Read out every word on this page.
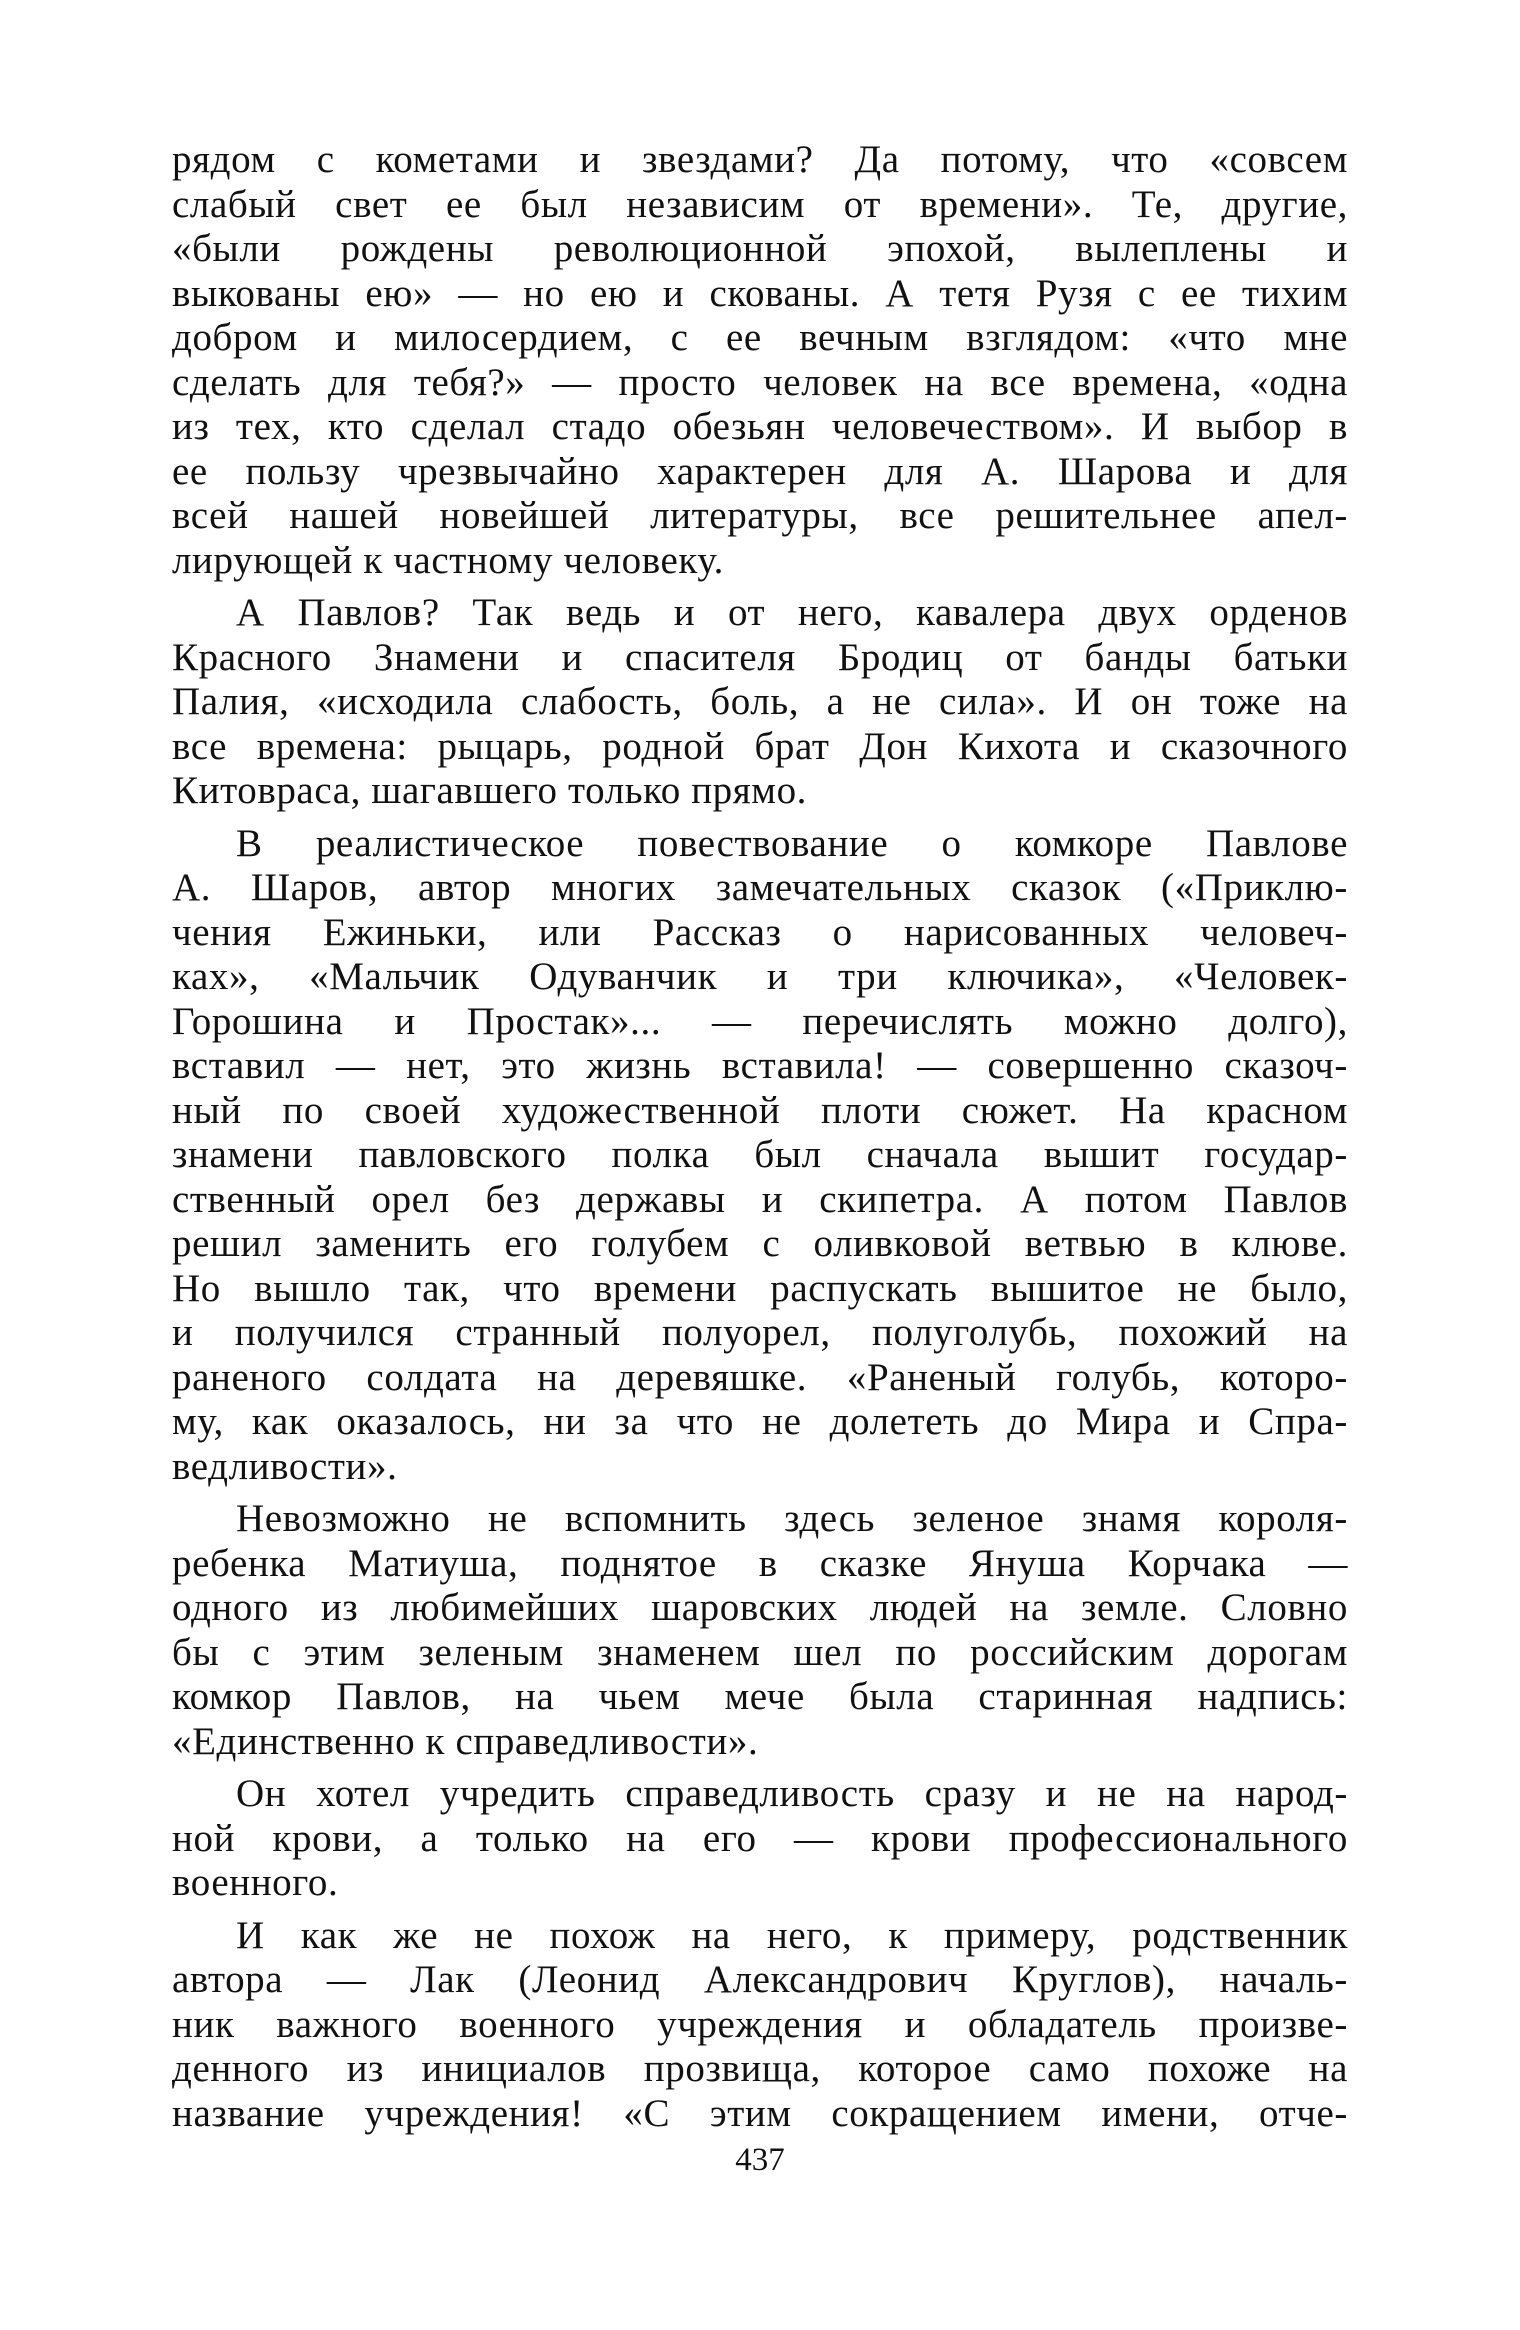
рядом с кометами и звездами? Да потому, что «совсем
слабый свет ее был независим от времени». Те, другие,
«были рождены революционной эпохой, вылеплены и
выкованы ею» — но ею и скованы. А тетя Рузя с ее тихим
добром и милосердием, с ее вечным взглядом: «что мне
сделать для тебя?» — просто человек на все времена, «одна
из тех, кто сделал стадо обезьян человечеством». И выбор в
ее пользу чрезвычайно характерен для А. Шарова и для
всей нашей новейшей литературы, все решительнее апел-
лирующей к частному человеку.
А Павлов? Так ведь и от него, кавалера двух орденов
Красного Знамени и спасителя Бродиц от банды батьки
Палия, «исходила слабость, боль, а не сила». И он тоже на
все времена: рыцарь, родной брат Дон Кихота и сказочного
Китовраса, шагавшего только прямо.
В реалистическое повествование о комкоре Павлове
А. Шаров, автор многих замечательных сказок («Приклю-
чения Ежиньки, или Рассказ о нарисованных человеч-
ках», «Мальчик Одуванчик и три ключика», «Человек-
Горошина и Простак»... — перечислять можно долго),
вставил — нет, это жизнь вставила! — совершенно сказоч-
ный по своей художественной плоти сюжет. На красном
знамени павловского полка был сначала вышит государ-
ственный орел без державы и скипетра. А потом Павлов
решил заменить его голубем с оливковой ветвью в клюве.
Но вышло так, что времени распускать вышитое не было,
и получился странный полуорел, полуголубь, похожий на
раненого солдата на деревяшке. «Раненый голубь, которо-
му, как оказалось, ни за что не долететь до Мира и Спра-
ведливости».
Невозможно не вспомнить здесь зеленое знамя короля-
ребенка Матиуша, поднятое в сказке Януша Корчака —
одного из любимейших шаровских людей на земле. Словно
бы с этим зеленым знаменем шел по российским дорогам
комкор Павлов, на чьем мече была старинная надпись:
«Единственно к справедливости».
Он хотел учредить справедливость сразу и не на народ-
ной крови, а только на его — крови профессионального
военного.
И как же не похож на него, к примеру, родственник
автора — Лак (Леонид Александрович Круглов), началь-
ник важного военного учреждения и обладатель произве-
денного из инициалов прозвища, которое само похоже на
название учреждения! «С этим сокращением имени, отче-
437
